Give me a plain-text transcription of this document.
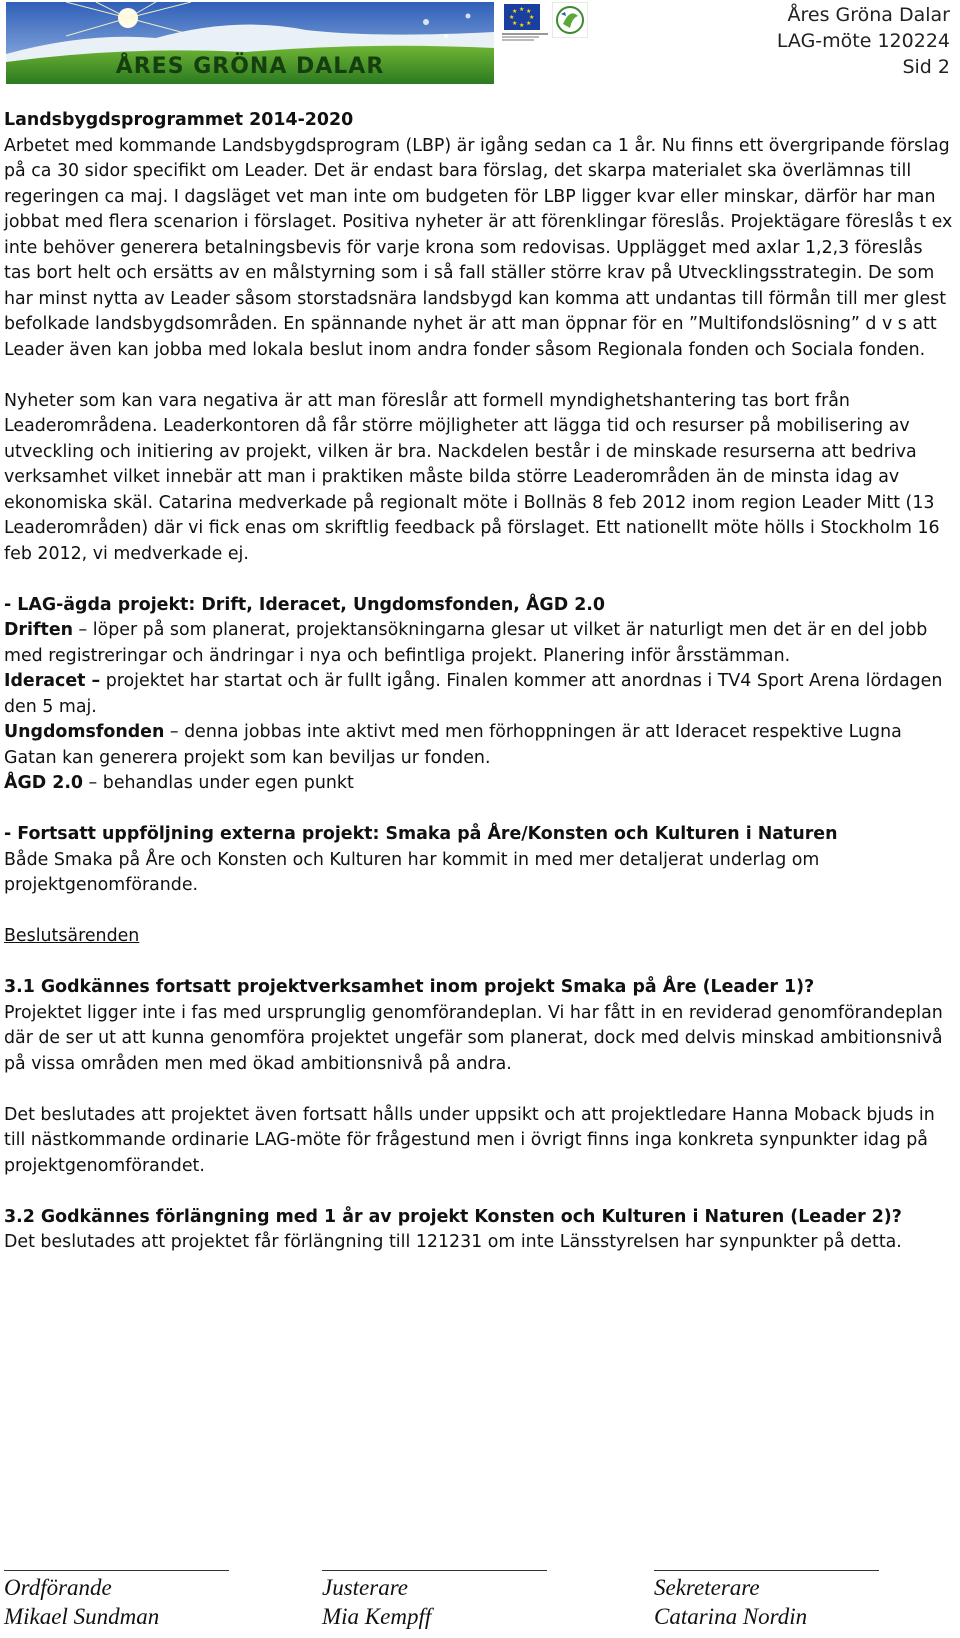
ÅRES GRÖNA DALAR
★ ★
★
★
★
★
★
★	Åres Gröna Dalar
LAG-möte 120224
Sid 2

Landsbygdsprogrammet 2014-2020

Arbetet med kommande Landsbygdsprogram (LBP) är igång sedan ca 1 år. Nu finns ett övergripande förslag på ca 30 sidor specifikt om Leader. Det är endast bara förslag, det skarpa materialet ska överlämnas till regeringen ca maj. I dagsläget vet man inte om budgeten för LBP ligger kvar eller minskar, därför har man jobbat med flera scenarion i förslaget. Positiva nyheter är att förenklingar föreslås. Projektägare föreslås t ex inte behöver generera betalningsbevis för varje krona som redovisas. Upplägget med axlar 1,2,3 föreslås tas bort helt och ersätts av en målstyrning som i så fall ställer större krav på Utvecklingsstrategin. De som har minst nytta av Leader såsom storstadsnära landsbygd kan komma att undantas till förmån till mer glest befolkade landsbygdsområden. En spännande nyhet är att man öppnar för en ”Multifondslösning” d v s att Leader även kan jobba med lokala beslut inom andra fonder såsom Regionala fonden och Sociala fonden.

Nyheter som kan vara negativa är att man föreslår att formell myndighetshantering tas bort från Leaderområdena. Leaderkontoren då får större möjligheter att lägga tid och resurser på mobilisering av utveckling och initiering av projekt, vilken är bra. Nackdelen består i de minskade resurserna att bedriva verksamhet vilket innebär att man i praktiken måste bilda större Leaderområden än de minsta idag av ekonomiska skäl. Catarina medverkade på regionalt möte i Bollnäs 8 feb 2012 inom region Leader Mitt (13 Leaderområden) där vi fick enas om skriftlig feedback på förslaget. Ett nationellt möte hölls i Stockholm 16 feb 2012, vi medverkade ej.

- LAG-ägda projekt: Drift, Ideracet, Ungdomsfonden, ÅGD 2.0

Driften – löper på som planerat, projektansökningarna glesar ut vilket är naturligt men det är en del jobb med registreringar och ändringar i nya och befintliga projekt. Planering inför årsstämman.

Ideracet – projektet har startat och är fullt igång. Finalen kommer att anordnas i TV4 Sport Arena lördagen den 5 maj.

Ungdomsfonden – denna jobbas inte aktivt med men förhoppningen är att Ideracet respektive Lugna Gatan kan generera projekt som kan beviljas ur fonden.

ÅGD 2.0 – behandlas under egen punkt

- Fortsatt uppföljning externa projekt: Smaka på Åre/Konsten och Kulturen i Naturen

Både Smaka på Åre och Konsten och Kulturen har kommit in med mer detaljerat underlag om projektgenomförande.

Beslutsärenden

3.1 Godkännes fortsatt projektverksamhet inom projekt Smaka på Åre (Leader 1)?

Projektet ligger inte i fas med ursprunglig genomförandeplan. Vi har fått in en reviderad genomförandeplan där de ser ut att kunna genomföra projektet ungefär som planerat, dock med delvis minskad ambitionsnivå på vissa områden men med ökad ambitionsnivå på andra.

Det beslutades att projektet även fortsatt hålls under uppsikt och att projektledare Hanna Moback bjuds in till nästkommande ordinarie LAG-möte för frågestund men i övrigt finns inga konkreta synpunkter idag på projektgenomförandet.

3.2 Godkännes förlängning med 1 år av projekt Konsten och Kulturen i Naturen (Leader 2)?

Det beslutades att projektet får förlängning till 121231 om inte Länsstyrelsen har synpunkter på detta.

Ordförande
Mikael Sundman
Justerare
Mia Kempff
Sekreterare
Catarina Nordin
